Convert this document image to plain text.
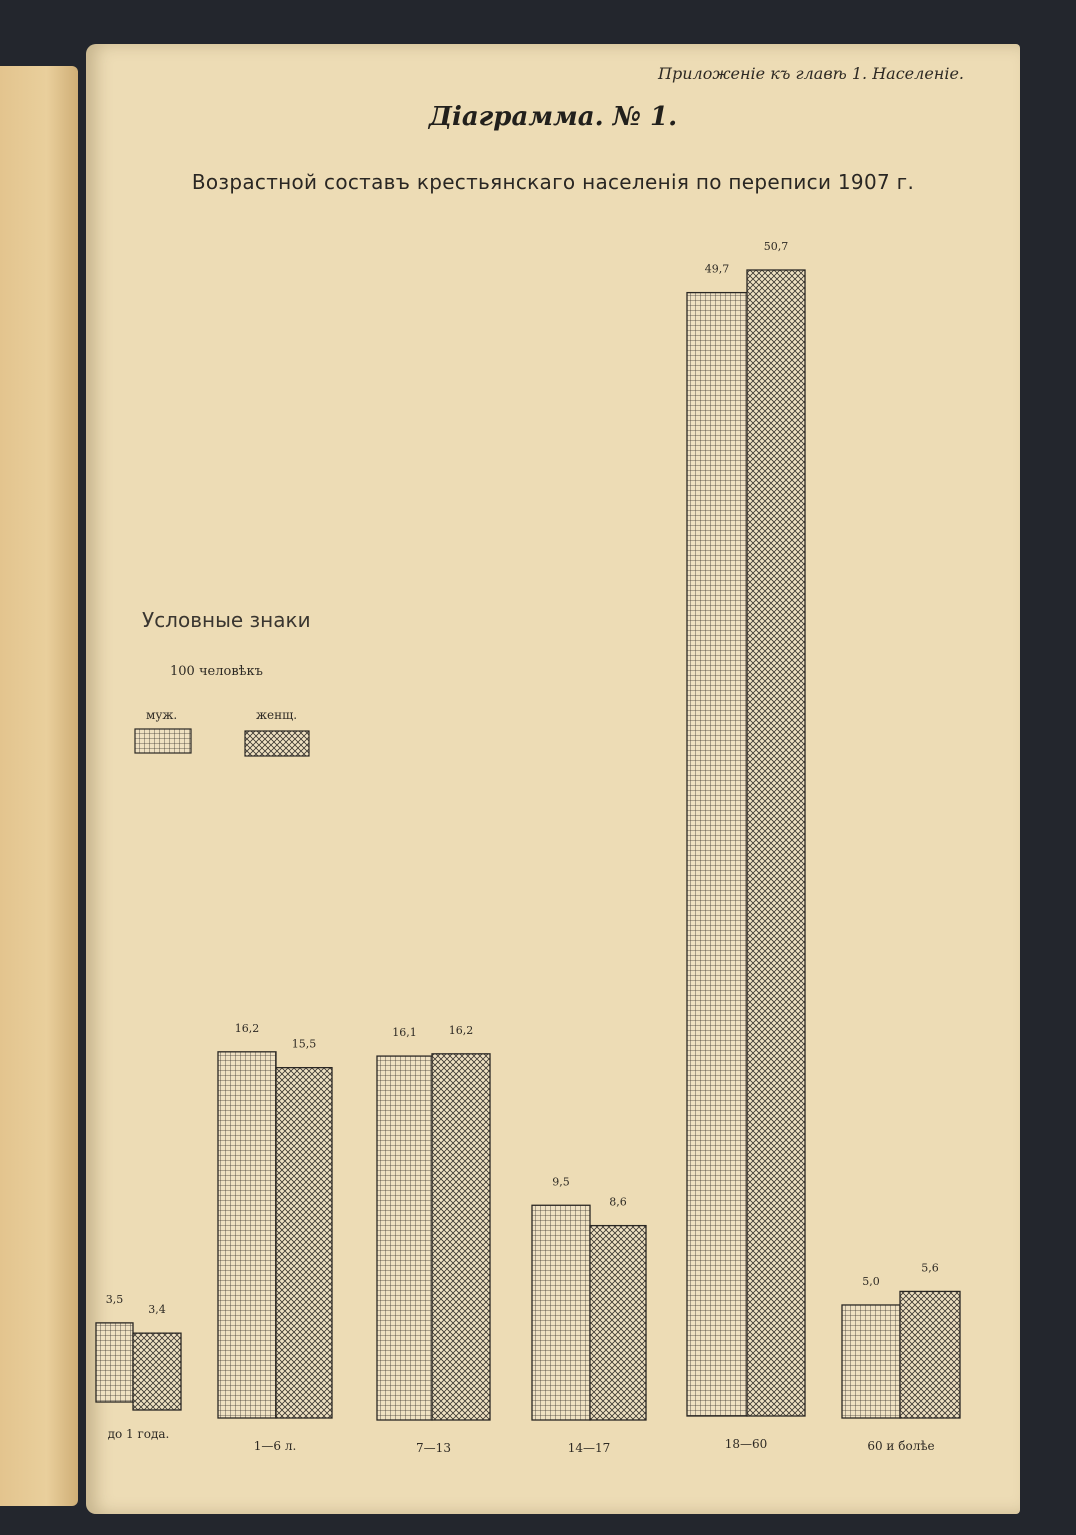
Приложенiе къ главѣ 1. Населенiе.
Дiаграмма. № 1.
Возрастной составъ крестьянскаго населенiя по переписи 1907 г.
Условные знаки
100 человѣкъ
муж.	женщ.
3,5
3,4
до 1 года.
16,2
15,5
1—6 л.
16,1	16,2
7—13
9,5
8,6
14—17
49,7
50,7
18—60
5,0
5,6
60 и болѣе
